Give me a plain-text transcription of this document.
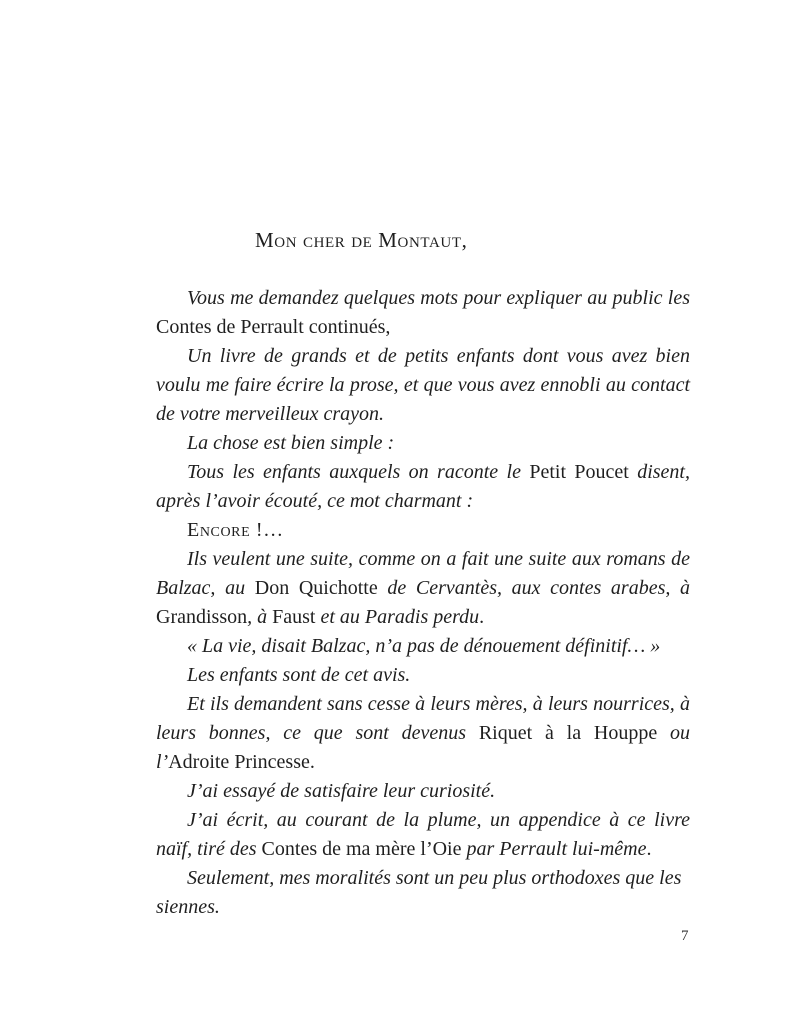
Mon cher de Montaut,

Vous me demandez quelques mots pour expliquer au public les Contes de Perrault continués,

Un livre de grands et de petits enfants dont vous avez bien voulu me faire écrire la prose, et que vous avez ennobli au contact de votre merveilleux crayon.

La chose est bien simple :

Tous les enfants auxquels on raconte le Petit Poucet disent, après l’avoir écouté, ce mot charmant :

Encore !…

Ils veulent une suite, comme on a fait une suite aux romans de Balzac, au Don Quichotte de Cervantès, aux contes arabes, à Grandisson, à Faust et au Paradis perdu.

« La vie, disait Balzac, n’a pas de dénouement définitif… »

Les enfants sont de cet avis.

Et ils demandent sans cesse à leurs mères, à leurs nourrices, à leurs bonnes, ce que sont devenus Riquet à la Houppe ou l’Adroite Princesse.

J’ai essayé de satisfaire leur curiosité.

J’ai écrit, au courant de la plume, un appendice à ce livre naïf, tiré des Contes de ma mère l’Oie par Perrault lui-même.

Seulement, mes moralités sont un peu plus orthodoxes que les siennes.

7
